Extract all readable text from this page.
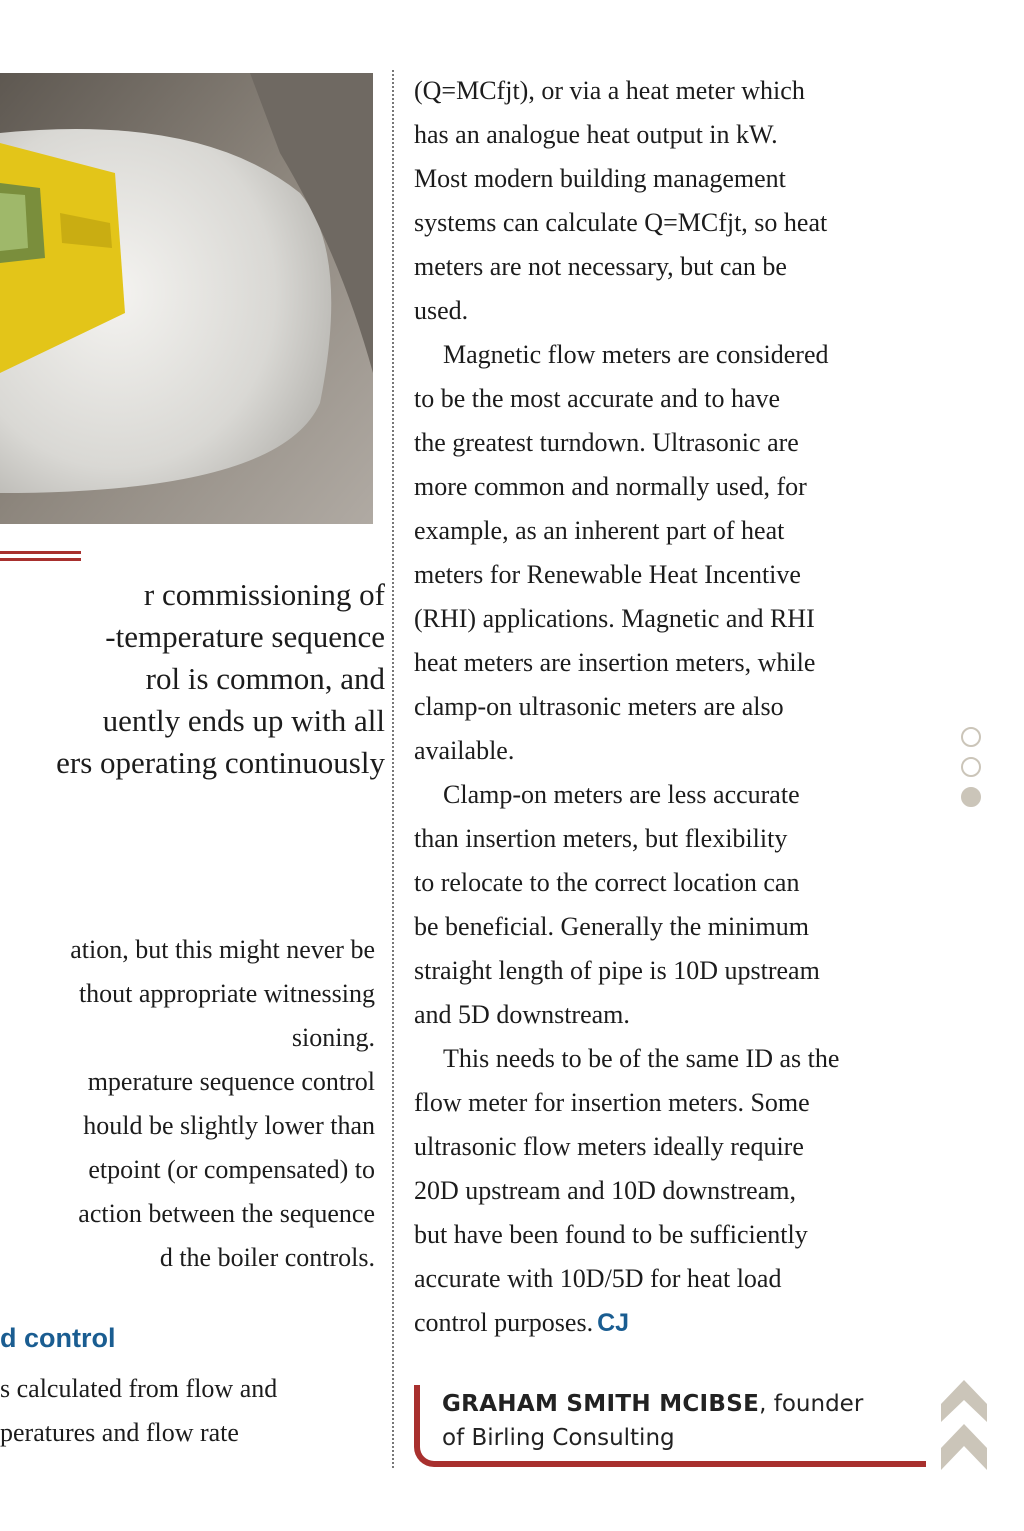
r commissioning of
-temperature sequence
rol is common, and
uently ends up with all
ers operating continuously
ation, but this might never be
thout appropriate witnessing
sioning.
mperature sequence control
hould be slightly lower than
etpoint (or compensated) to
action between the sequence
d the boiler controls.
d control
s calculated from flow and
peratures and flow rate
(Q=MCfjt), or via a heat meter which
has an analogue heat output in kW.
Most modern building management
systems can calculate Q=MCfjt, so heat
meters are not necessary, but can be
used.
Magnetic flow meters are considered
to be the most accurate and to have
the greatest turndown. Ultrasonic are
more common and normally used, for
example, as an inherent part of heat
meters for Renewable Heat Incentive
(RHI) applications. Magnetic and RHI
heat meters are insertion meters, while
clamp-on ultrasonic meters are also
available.
Clamp-on meters are less accurate
than insertion meters, but flexibility
to relocate to the correct location can
be beneficial. Generally the minimum
straight length of pipe is 10D upstream
and 5D downstream.
This needs to be of the same ID as the
flow meter for insertion meters. Some
ultrasonic flow meters ideally require
20D upstream and 10D downstream,
but have been found to be sufficiently
accurate with 10D/5D for heat load
control purposes. CJ
GRAHAM SMITH MCIBSE, founder
of Birling Consulting
